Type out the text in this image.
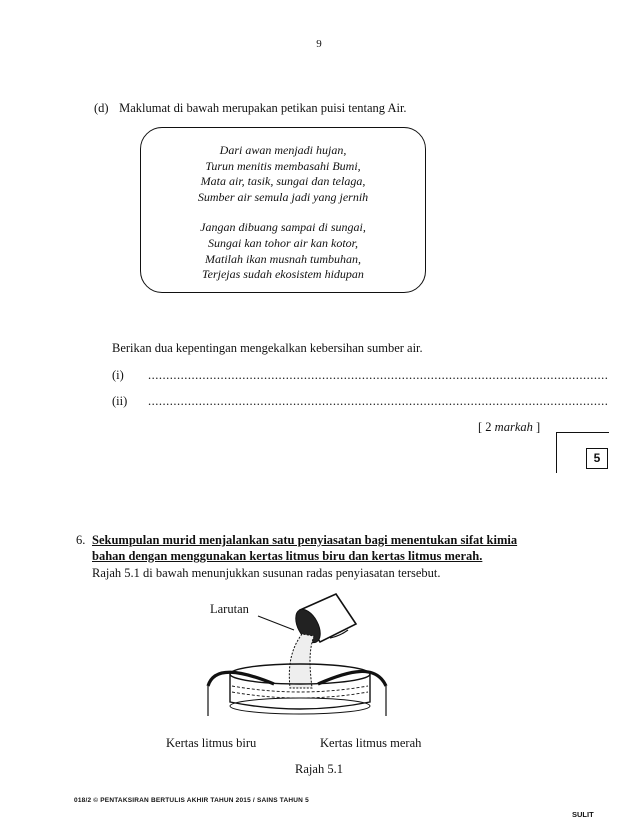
9
(d) Maklumat di bawah merupakan petikan puisi tentang Air.
Dari awan menjadi hujan,
Turun menitis membasahi Bumi,
Mata air, tasik, sungai dan telaga,
Sumber air semula jadi yang jernih
Jangan dibuang sampai di sungai,
Sungai kan tohor air kan kotor,
Matilah ikan musnah tumbuhan,
Terjejas sudah ekosistem hidupan
Berikan dua kepentingan mengekalkan kebersihan sumber air.
(i) ...............................................................................................................................
(ii) ...............................................................................................................................
[ 2 markah ]
5
6. Sekumpulan murid menjalankan satu penyiasatan bagi menentukan sifat kimia
bahan dengan menggunakan kertas litmus biru dan kertas litmus merah.
Rajah 5.1 di bawah menunjukkan susunan radas penyiasatan tersebut.
Larutan
Kertas litmus biru	Kertas litmus merah
Rajah 5.1
018/2 © PENTAKSIRAN BERTULIS AKHIR TAHUN 2015 / SAINS TAHUN 5
SULIT
